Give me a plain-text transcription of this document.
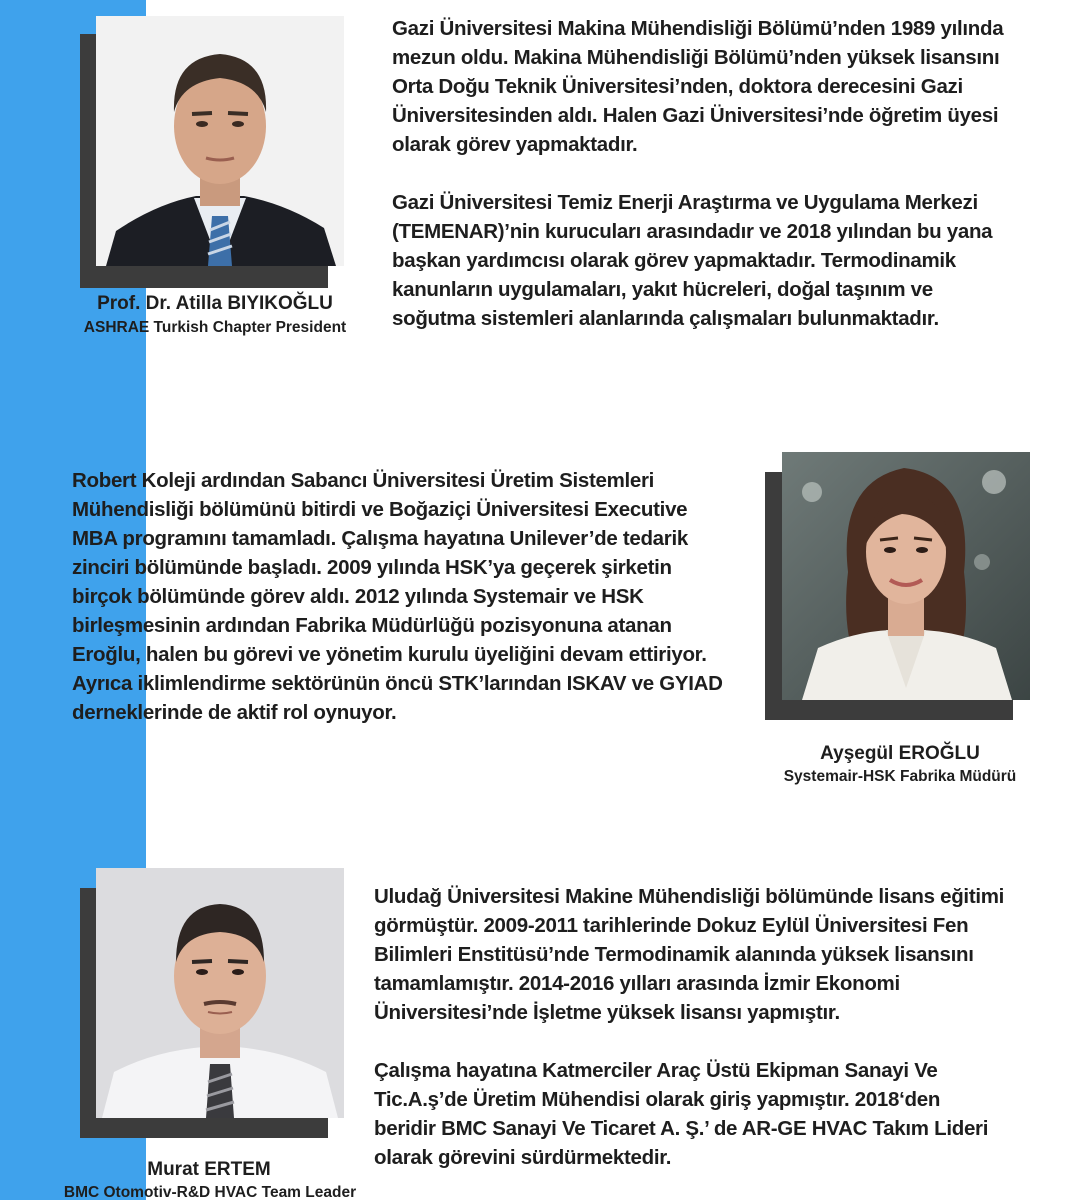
Prof. Dr. Atilla BIYIKOĞLU
ASHRAE Turkish Chapter President

Gazi Üniversitesi Makina Mühendisliği Bölümü’nden 1989 yılında
mezun oldu. Makina Mühendisliği Bölümü’nden yüksek lisansını
Orta Doğu Teknik Üniversitesi’nden, doktora derecesini Gazi
Üniversitesinden aldı. Halen Gazi Üniversitesi’nde öğretim üyesi
olarak görev yapmaktadır.

Gazi Üniversitesi Temiz Enerji Araştırma ve Uygulama Merkezi
(TEMENAR)’nin kurucuları arasındadır ve 2018 yılından bu yana
başkan yardımcısı olarak görev yapmaktadır. Termodinamik
kanunların uygulamaları, yakıt hücreleri, doğal taşınım ve
soğutma sistemleri alanlarında çalışmaları bulunmaktadır.

Robert Koleji ardından Sabancı Üniversitesi Üretim Sistemleri
Mühendisliği bölümünü bitirdi ve Boğaziçi Üniversitesi Executive
MBA programını tamamladı. Çalışma hayatına Unilever’de tedarik
zinciri bölümünde başladı. 2009 yılında HSK’ya geçerek şirketin
birçok bölümünde görev aldı. 2012 yılında Systemair ve HSK
birleşmesinin ardından Fabrika Müdürlüğü pozisyonuna atanan
Eroğlu, halen bu görevi ve yönetim kurulu üyeliğini devam ettiriyor.
Ayrıca iklimlendirme sektörünün öncü STK’larından ISKAV ve GYIAD
derneklerinde de aktif rol oynuyor.

Ayşegül EROĞLU
Systemair-HSK Fabrika Müdürü
Murat ERTEM
BMC Otomotiv-R&D HVAC Team Leader

Uludağ Üniversitesi Makine Mühendisliği bölümünde lisans eğitimi
görmüştür. 2009-2011 tarihlerinde Dokuz Eylül Üniversitesi Fen
Bilimleri Enstitüsü’nde Termodinamik alanında yüksek lisansını
tamamlamıştır. 2014-2016 yılları arasında İzmir Ekonomi
Üniversitesi’nde İşletme yüksek lisansı yapmıştır.

Çalışma hayatına Katmerciler Araç Üstü Ekipman Sanayi Ve
Tic.A.ş’de Üretim Mühendisi olarak giriş yapmıştır. 2018‘den
beridir BMC Sanayi Ve Ticaret A. Ş.’ de AR-GE HVAC Takım Lideri
olarak görevini sürdürmektedir.
